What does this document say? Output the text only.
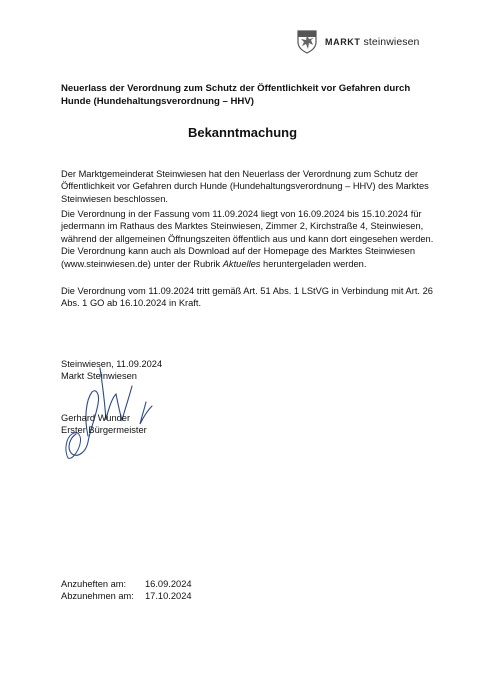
MARKT steinwiesen
Neuerlass der Verordnung zum Schutz der Öffentlichkeit vor Gefahren durch Hunde (Hundehaltungsverordnung – HHV)
Bekanntmachung
Der Marktgemeinderat Steinwiesen hat den Neuerlass der Verordnung zum Schutz der Öffentlichkeit vor Gefahren durch Hunde (Hundehaltungsverordnung – HHV) des Marktes Steinwiesen beschlossen.
Die Verordnung in der Fassung vom 11.09.2024 liegt von 16.09.2024 bis 15.10.2024 für jedermann im Rathaus des Marktes Steinwiesen, Zimmer 2, Kirchstraße 4, Steinwiesen, während der allgemeinen Öffnungszeiten öffentlich aus und kann dort eingesehen werden. Die Verordnung kann auch als Download auf der Homepage des Marktes Steinwiesen (www.steinwiesen.de) unter der Rubrik Aktuelles heruntergeladen werden.
Die Verordnung vom 11.09.2024 tritt gemäß Art. 51 Abs. 1 LStVG in Verbindung mit Art. 26 Abs. 1 GO ab 16.10.2024 in Kraft.
Steinwiesen, 11.09.2024
Markt Steinwiesen
Gerhard Wunder
Erster Bürgermeister
Anzuheften am:	16.09.2024
Abzunehmen am:	17.10.2024
